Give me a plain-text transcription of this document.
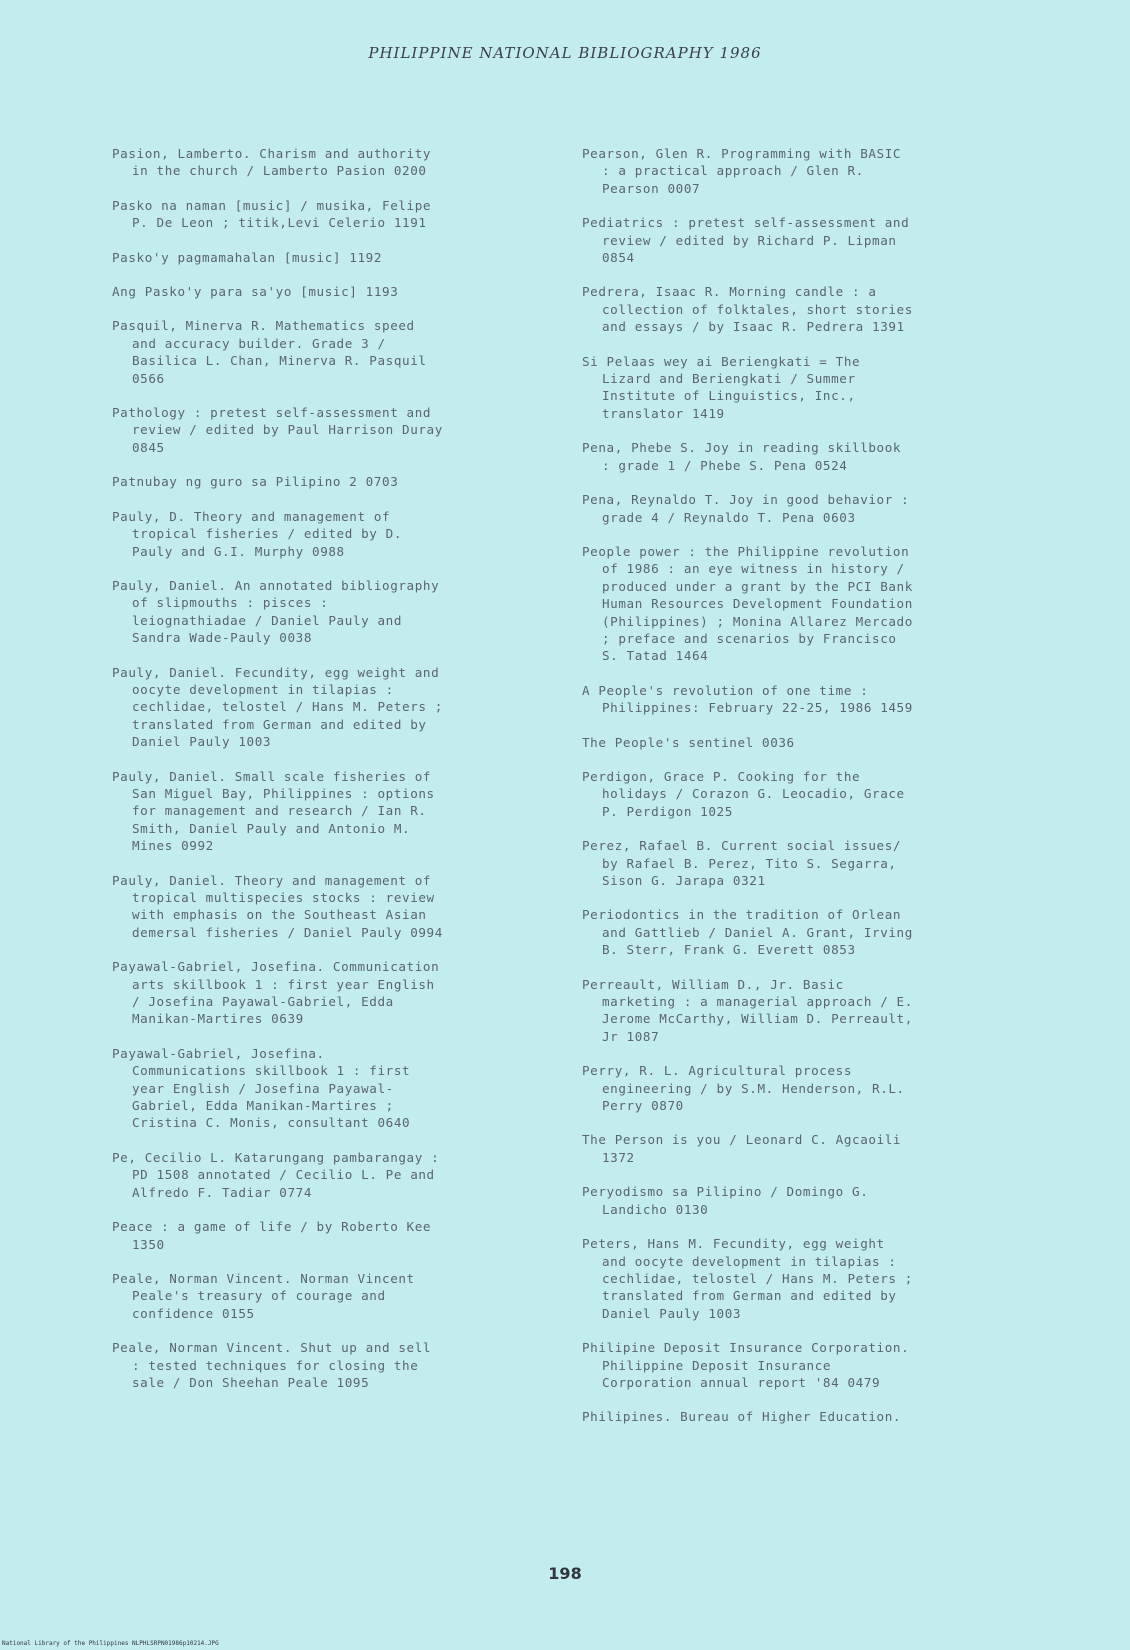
PHILIPPINE NATIONAL BIBLIOGRAPHY 1986
Pasion, Lamberto. Charism and authority
in the church / Lamberto Pasion 0200
Pasko na naman [music] / musika, Felipe
P. De Leon ; titik,Levi Celerio 1191
Pasko'y pagmamahalan [music] 1192
Ang Pasko'y para sa'yo [music] 1193
Pasquil, Minerva R. Mathematics speed
and accuracy builder. Grade 3 /
Basilica L. Chan, Minerva R. Pasquil
0566
Pathology : pretest self-assessment and
review / edited by Paul Harrison Duray
0845
Patnubay ng guro sa Pilipino 2 0703
Pauly, D. Theory and management of
tropical fisheries / edited by D.
Pauly and G.I. Murphy 0988
Pauly, Daniel. An annotated bibliography
of slipmouths : pisces :
leiognathiadae / Daniel Pauly and
Sandra Wade-Pauly 0038
Pauly, Daniel. Fecundity, egg weight and
oocyte development in tilapias :
cechlidae, telostel / Hans M. Peters ;
translated from German and edited by
Daniel Pauly 1003
Pauly, Daniel. Small scale fisheries of
San Miguel Bay, Philippines : options
for management and research / Ian R.
Smith, Daniel Pauly and Antonio M.
Mines 0992
Pauly, Daniel. Theory and management of
tropical multispecies stocks : review
with emphasis on the Southeast Asian
demersal fisheries / Daniel Pauly 0994
Payawal-Gabriel, Josefina. Communication
arts skillbook 1 : first year English
/ Josefina Payawal-Gabriel, Edda
Manikan-Martires 0639
Payawal-Gabriel, Josefina.
Communications skillbook 1 : first
year English / Josefina Payawal-
Gabriel, Edda Manikan-Martires ;
Cristina C. Monis, consultant 0640
Pe, Cecilio L. Katarungang pambarangay :
PD 1508 annotated / Cecilio L. Pe and
Alfredo F. Tadiar 0774
Peace : a game of life / by Roberto Kee
1350
Peale, Norman Vincent. Norman Vincent
Peale's treasury of courage and
confidence 0155
Peale, Norman Vincent. Shut up and sell
: tested techniques for closing the
sale / Don Sheehan Peale 1095
Pearson, Glen R. Programming with BASIC
: a practical approach / Glen R.
Pearson 0007
Pediatrics : pretest self-assessment and
review / edited by Richard P. Lipman
0854
Pedrera, Isaac R. Morning candle : a
collection of folktales, short stories
and essays / by Isaac R. Pedrera 1391
Si Pelaas wey ai Beriengkati = The
Lizard and Beriengkati / Summer
Institute of Linguistics, Inc.,
translator 1419
Pena, Phebe S. Joy in reading skillbook
: grade 1 / Phebe S. Pena 0524
Pena, Reynaldo T. Joy in good behavior :
grade 4 / Reynaldo T. Pena 0603
People power : the Philippine revolution
of 1986 : an eye witness in history /
produced under a grant by the PCI Bank
Human Resources Development Foundation
(Philippines) ; Monina Allarez Mercado
; preface and scenarios by Francisco
S. Tatad 1464
A People's revolution of one time :
Philippines: February 22-25, 1986 1459
The People's sentinel 0036
Perdigon, Grace P. Cooking for the
holidays / Corazon G. Leocadio, Grace
P. Perdigon 1025
Perez, Rafael B. Current social issues/
by Rafael B. Perez, Tito S. Segarra,
Sison G. Jarapa 0321
Periodontics in the tradition of Orlean
and Gattlieb / Daniel A. Grant, Irving
B. Sterr, Frank G. Everett 0853
Perreault, William D., Jr. Basic
marketing : a managerial approach / E.
Jerome McCarthy, William D. Perreault,
Jr 1087
Perry, R. L. Agricultural process
engineering / by S.M. Henderson, R.L.
Perry 0870
The Person is you / Leonard C. Agcaoili
1372
Peryodismo sa Pilipino / Domingo G.
Landicho 0130
Peters, Hans M. Fecundity, egg weight
and oocyte development in tilapias :
cechlidae, telostel / Hans M. Peters ;
translated from German and edited by
Daniel Pauly 1003
Philipine Deposit Insurance Corporation.
Philippine Deposit Insurance
Corporation annual report '84 0479
Philipines. Bureau of Higher Education.
198
National Library of the Philippines NLPHLSRPN01986p10214.JPG
